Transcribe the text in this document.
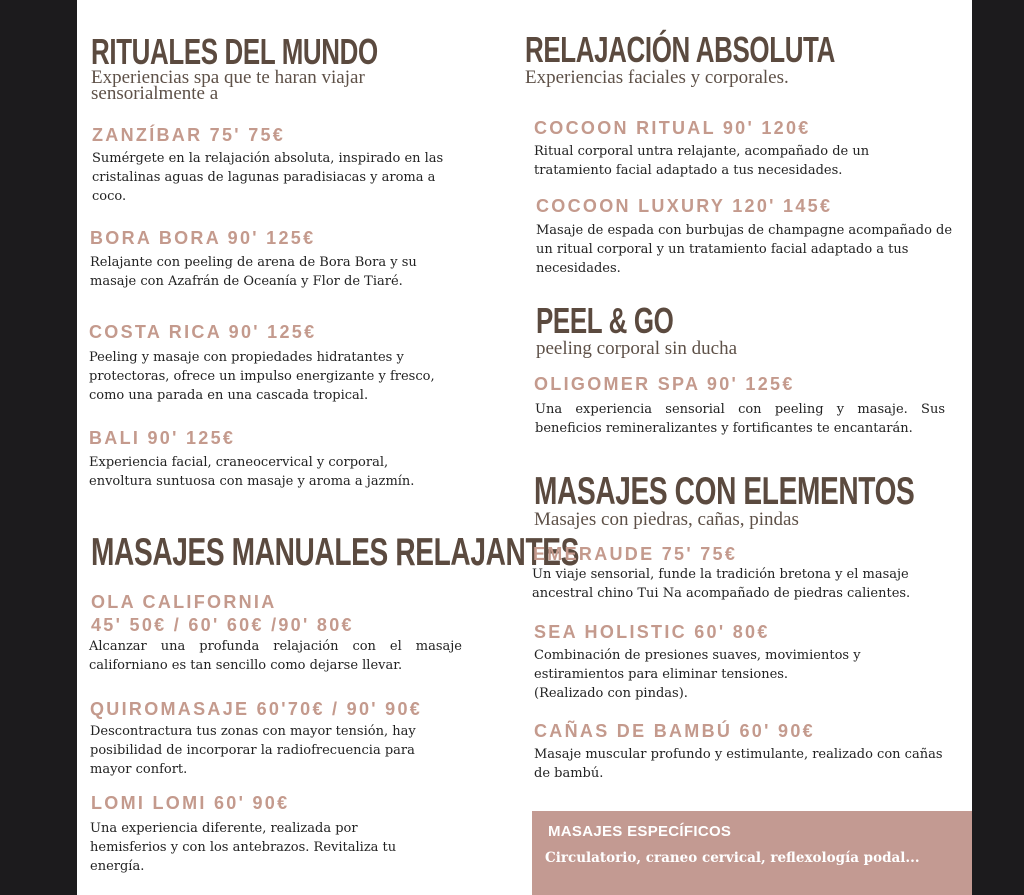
RITUALES DEL MUNDO
Experiencias spa que te haran viajar
sensorialmente a
ZANZÍBAR 75' 75€
Sumérgete en la relajación absoluta, inspirado en las cristalinas aguas de lagunas paradisiacas y aroma a coco.
BORA BORA 90' 125€
Relajante con peeling de arena de Bora Bora y su masaje con Azafrán de Oceanía y Flor de Tiaré.
COSTA RICA 90' 125€
Peeling y masaje con propiedades hidratantes y protectoras, ofrece un impulso energizante y fresco, como una parada en una cascada tropical.
BALI 90' 125€
Experiencia facial, craneocervical y corporal, envoltura suntuosa con masaje y aroma a jazmín.
MASAJES MANUALES RELAJANTES
OLA CALIFORNIA
45' 50€ / 60' 60€ /90' 80€
Alcanzar una profunda relajación con el masaje californiano es tan sencillo como dejarse llevar.
QUIROMASAJE 60'70€ / 90' 90€
Descontractura tus zonas con mayor tensión, hay posibilidad de incorporar la radiofrecuencia para mayor confort.
LOMI LOMI 60' 90€
Una experiencia diferente, realizada por hemisferios y con los antebrazos. Revitaliza tu energía.
RELAJACIÓN ABSOLUTA
Experiencias faciales y corporales.
COCOON RITUAL 90' 120€
Ritual corporal untra relajante, acompañado de un tratamiento facial adaptado a tus necesidades.
COCOON LUXURY 120' 145€
Masaje de espada con burbujas de champagne acompañado de un ritual corporal y un tratamiento facial adaptado a tus necesidades.
PEEL & GO
peeling corporal sin ducha
OLIGOMER SPA 90' 125€
Una experiencia sensorial con peeling y masaje. Sus beneficios remineralizantes y fortificantes te encantarán.
MASAJES CON ELEMENTOS
Masajes con piedras, cañas, pindas
EMERAUDE 75' 75€
Un viaje sensorial, funde la tradición bretona y el masaje ancestral chino Tui Na acompañado de piedras calientes.
SEA HOLISTIC 60' 80€
Combinación de presiones suaves, movimientos y estiramientos para eliminar tensiones.
(Realizado con pindas).
CAÑAS DE BAMBÚ 60' 90€
Masaje muscular profundo y estimulante, realizado con cañas de bambú.
MASAJES ESPECÍFICOS
Circulatorio, craneo cervical, reflexología podal...
